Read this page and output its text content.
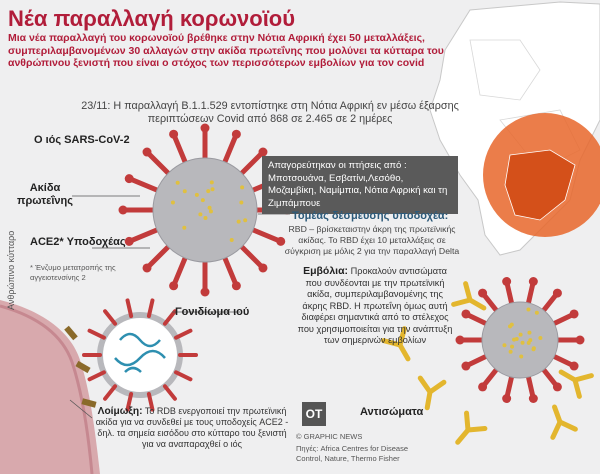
Νέα παραλλαγή κορωνοϊού
Μια νέα παραλλαγή του κορωνοϊού βρέθηκε στην Νότια Αφρική έχει 50 μεταλλάξεις, συμπεριλαμβανομένων 30 αλλαγών στην ακίδα πρωτεΐνης που μολύνει τα κύτταρα του ανθρώπινου ξενιστή που είναι ο στόχος των περισσότερων εμβολίων για τον covid
23/11: Η παραλλαγή B.1.1.529 εντοπίστηκε στη Νότια Αφρική εν μέσω έξαρσης περιπτώσεων Covid από 868 σε 2.465 σε 2 ημέρες
Ο ιός SARS-CoV-2
Ακίδα πρωτεΐνης
ACE2* Υποδοχέας
* Ένζυμο μετατροπής της αγγειοτενσίνης 2
Απαγορεύτηκαν οι πτήσεις από : Μποτσουάνα, Εσβατίνι,Λεσόθο, Μοζαμβίκη, Ναμίμπια, Νότια Αφρική και τη Ζιμπάμπουε
Τομέας δέσμευσης υποδοχέα:
RBD – βρίσκεταιστην άκρη της πρωτεϊνικής ακίδας. Το RBD έχει 10 μεταλλάξεις σε σύγκριση με μόλις 2 για την παραλλαγή Delta
Εμβόλια: Προκαλούν αντισώματα που συνδέονται με την πρωτεϊνική ακίδα, συμπεριλαμβανομένης της άκρης RBD. Η πρωτεΐνη όμως αυτή διαφέρει σημαντικά από το στέλεχος που χρησιμοποιείται για την ανάπτυξη των σημερινών εμβολίων
Γονιδίωμα ιού
Ανθρώπινο κύτταρο
Λοίμωξη: Το RDB ενεργοποιεί την πρωτεϊνική ακίδα για να συνδεθεί με τους υποδοχείς ACE2 - δηλ. τα σημεία εισόδου στο κύτταρο του ξενιστή για να αναπαραχθεί ο ιός
Αντισώματα
OT
© GRAPHIC NEWS
Πηγές: Africa Centres for Disease Control, Nature, Thermo Fisher
